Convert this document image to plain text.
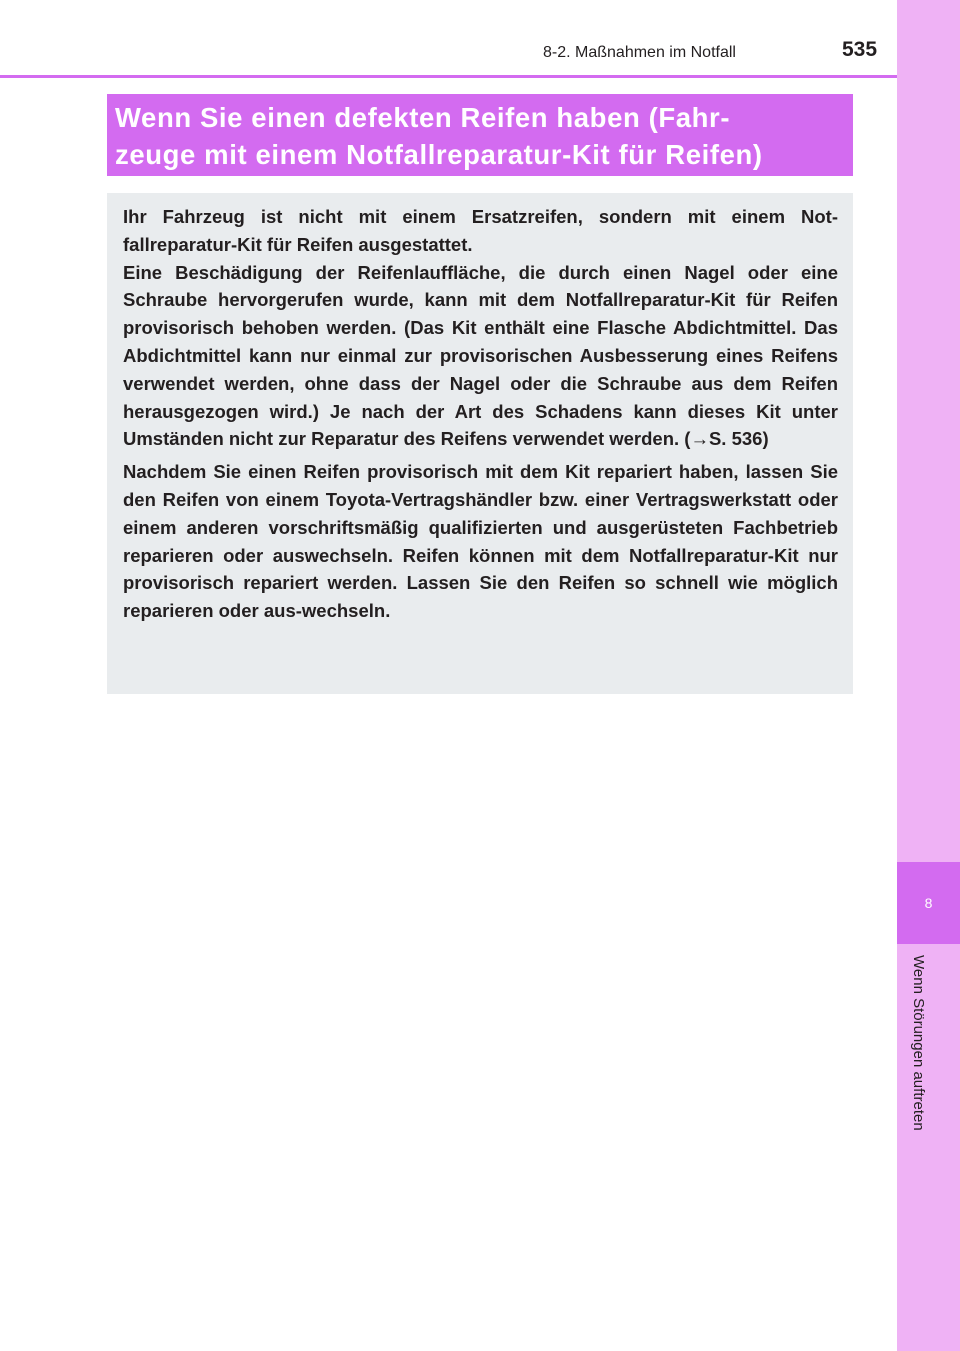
8
Wenn Störungen auftreten
8-2. Maßnahmen im Notfall	535
Wenn Sie einen defekten Reifen haben (Fahr-
zeuge mit einem Notfallreparatur-Kit für Reifen)

Ihr Fahrzeug ist nicht mit einem Ersatzreifen, sondern mit einem Not-fallreparatur-Kit für Reifen ausgestattet.

Eine Beschädigung der Reifenlauffläche, die durch einen Nagel oder eine Schraube hervorgerufen wurde, kann mit dem Notfallreparatur-Kit für Reifen provisorisch behoben werden. (Das Kit enthält eine Flasche Abdichtmittel. Das Abdichtmittel kann nur einmal zur provisorischen Ausbesserung eines Reifens verwendet werden, ohne dass der Nagel oder die Schraube aus dem Reifen herausgezogen wird.) Je nach der Art des Schadens kann dieses Kit unter Umständen nicht zur Reparatur des Reifens verwendet werden. (→S. 536)

Nachdem Sie einen Reifen provisorisch mit dem Kit repariert haben, lassen Sie den Reifen von einem Toyota-Vertragshändler bzw. einer Vertragswerkstatt oder einem anderen vorschriftsmäßig qualifizierten und ausgerüsteten Fachbetrieb reparieren oder auswechseln. Reifen können mit dem Notfallreparatur-Kit nur provisorisch repariert werden. Lassen Sie den Reifen so schnell wie möglich reparieren oder aus-wechseln.
